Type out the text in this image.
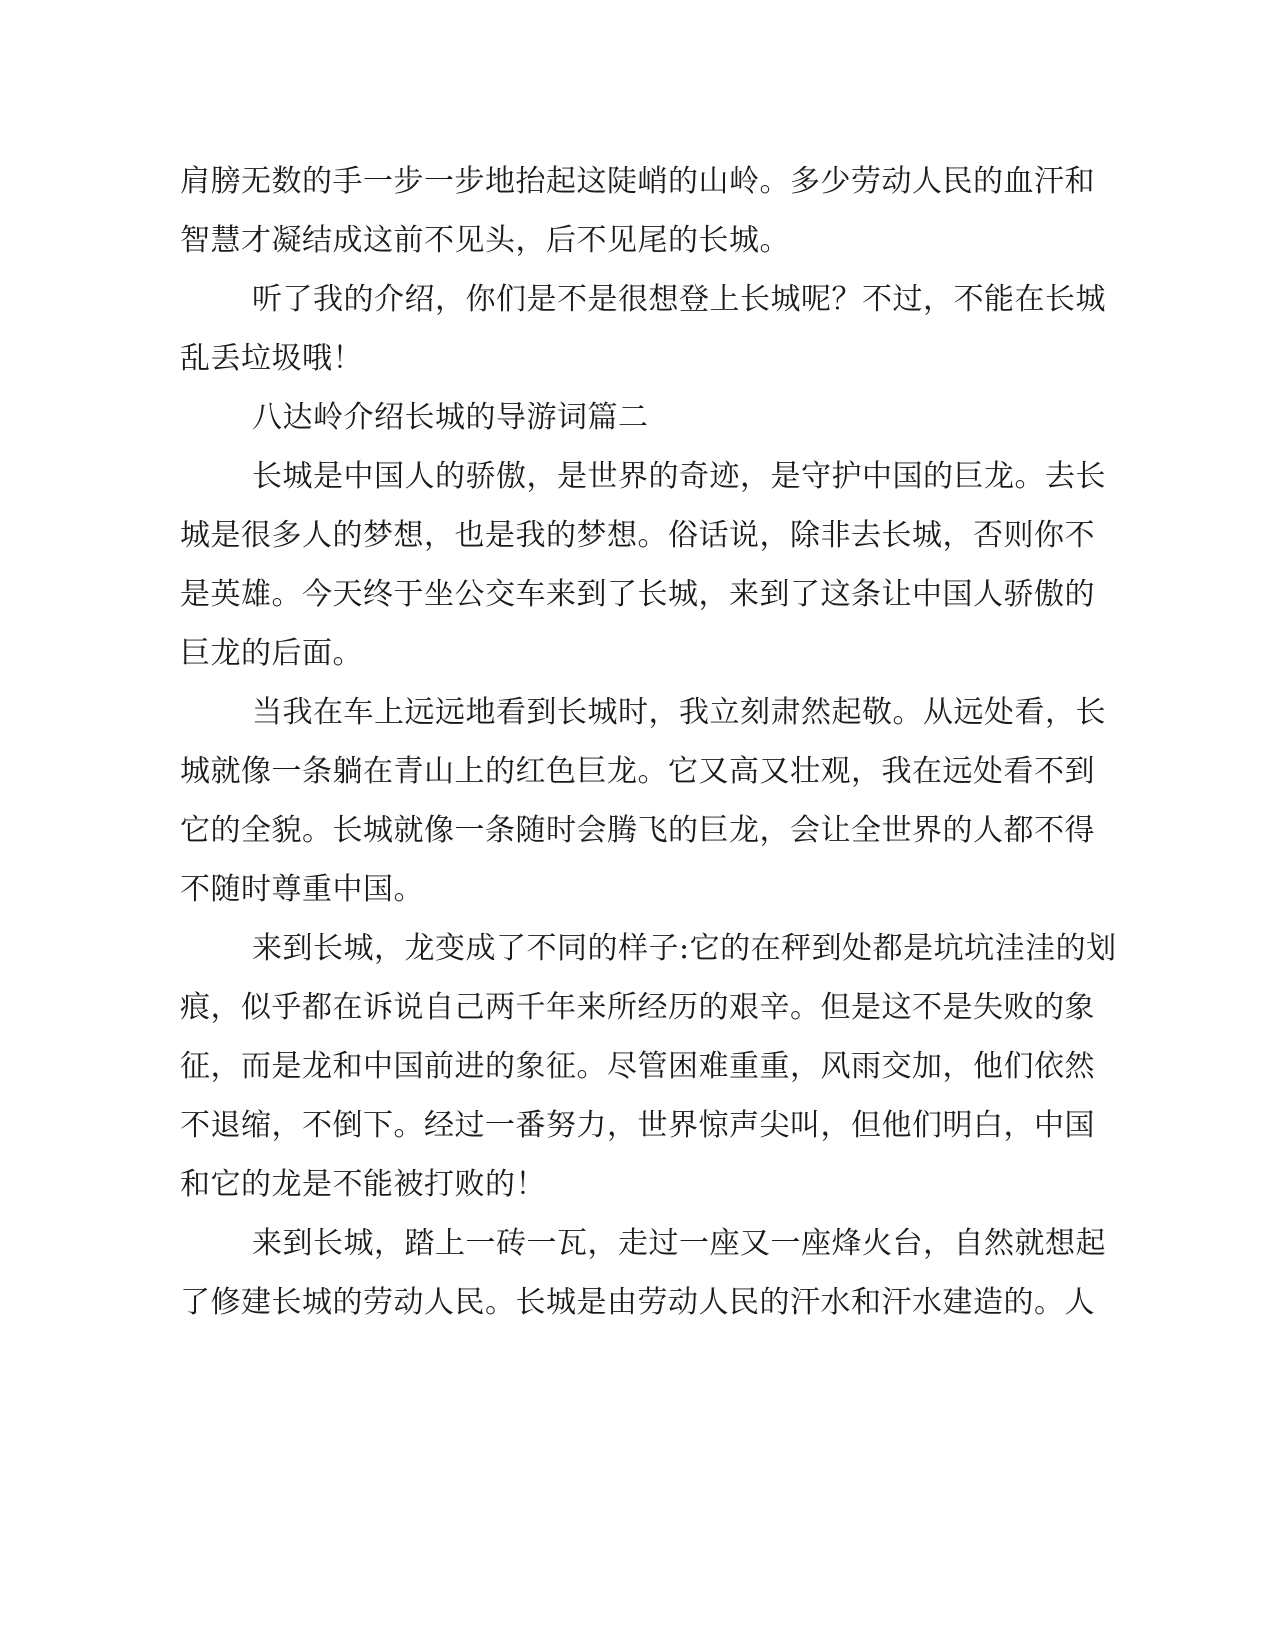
肩膀无数的手一步一步地抬起这陡峭的山岭。多少劳动人民的血汗和
智慧才凝结成这前不见头，后不见尾的长城。
听了我的介绍，你们是不是很想登上长城呢？不过，不能在长城
乱丢垃圾哦！
八达岭介绍长城的导游词篇二
长城是中国人的骄傲，是世界的奇迹，是守护中国的巨龙。去长
城是很多人的梦想，也是我的梦想。俗话说，除非去长城，否则你不
是英雄。今天终于坐公交车来到了长城，来到了这条让中国人骄傲的
巨龙的后面。
当我在车上远远地看到长城时，我立刻肃然起敬。从远处看，长
城就像一条躺在青山上的红色巨龙。它又高又壮观，我在远处看不到
它的全貌。长城就像一条随时会腾飞的巨龙，会让全世界的人都不得
不随时尊重中国。
来到长城，龙变成了不同的样子:它的在秤到处都是坑坑洼洼的划
痕，似乎都在诉说自己两千年来所经历的艰辛。但是这不是失败的象
征，而是龙和中国前进的象征。尽管困难重重，风雨交加，他们依然
不退缩，不倒下。经过一番努力，世界惊声尖叫，但他们明白，中国
和它的龙是不能被打败的！
来到长城，踏上一砖一瓦，走过一座又一座烽火台，自然就想起
了修建长城的劳动人民。长城是由劳动人民的汗水和汗水建造的。人
